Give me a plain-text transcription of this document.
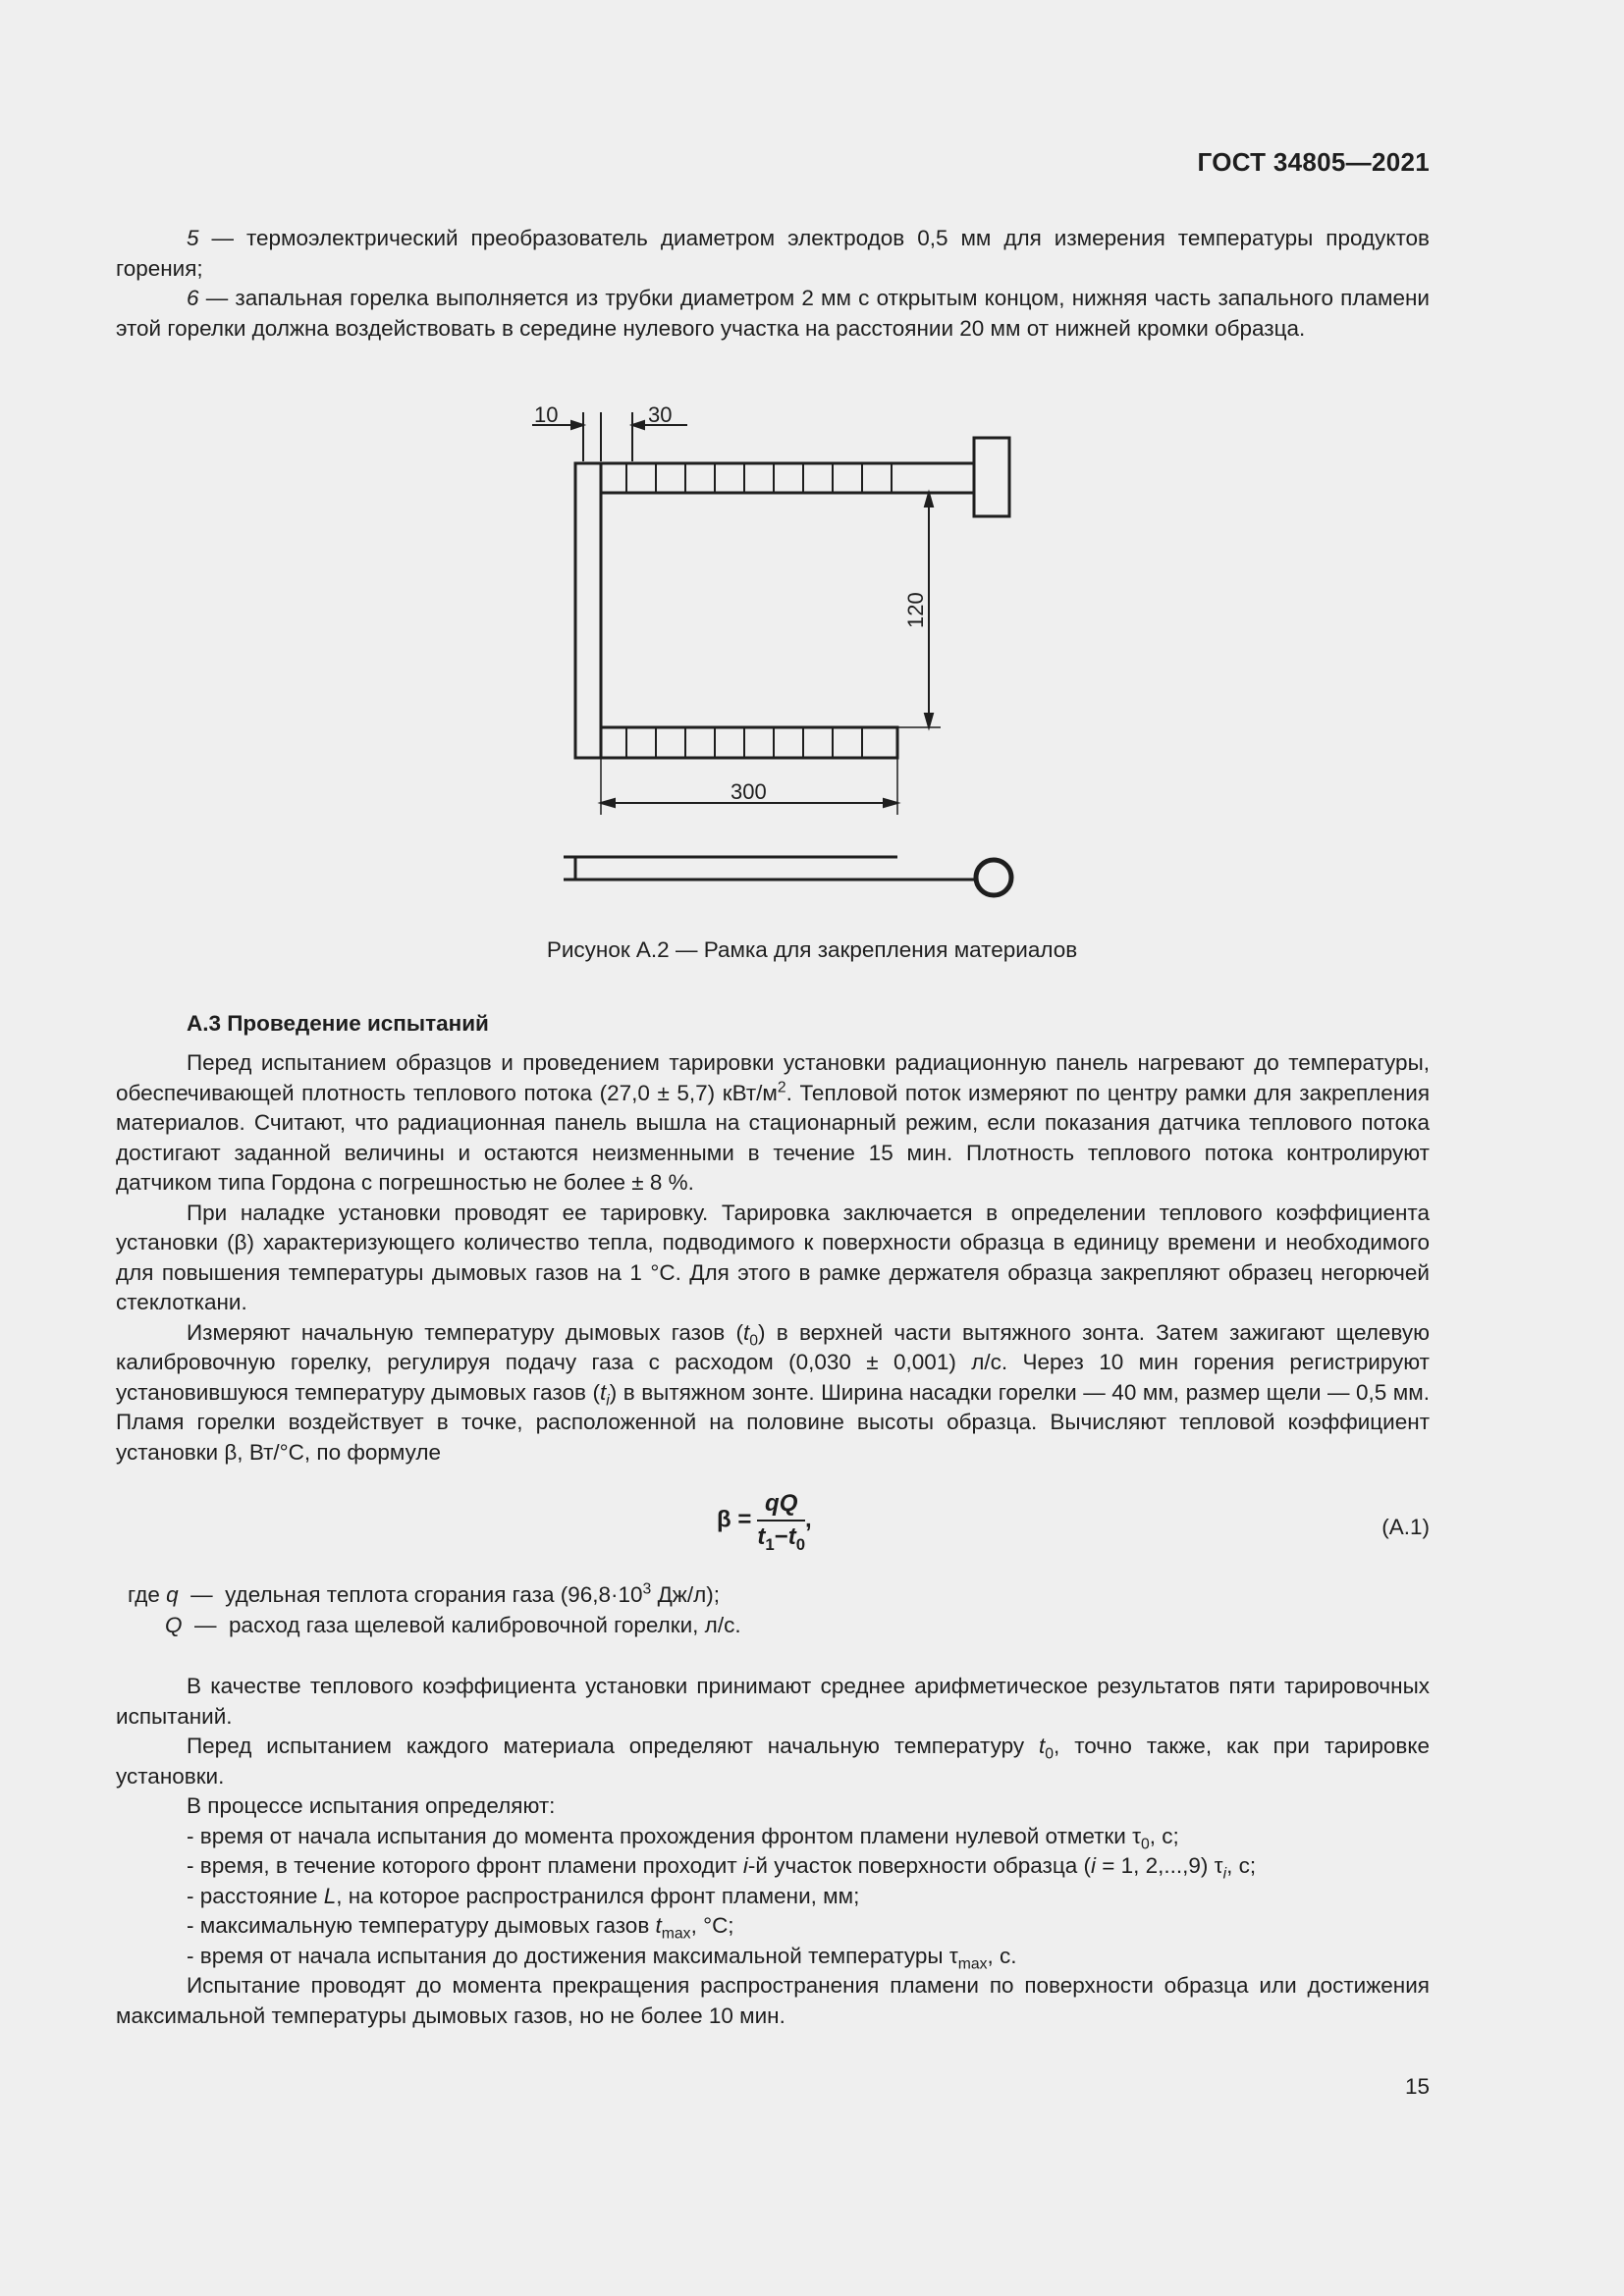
ГОСТ 34805—2021

5 — термоэлектрический преобразователь диаметром электродов 0,5 мм для измерения температуры продуктов горения;

6 — запальная горелка выполняется из трубки диаметром 2 мм с открытым концом, нижняя часть запального пламени этой горелки должна воздействовать в середине нулевого участка на расстоянии 20 мм от нижней кромки образца.

10	30
120
300
Рисунок А.2 — Рамка для закрепления материалов
А.3 Проведение испытаний

Перед испытанием образцов и проведением тарировки установки радиационную панель нагревают до температуры, обеспечивающей плотность теплового потока (27,0 ± 5,7) кВт/$м^2$. Тепловой поток измеряют по центру рамки для закрепления материалов. Считают, что радиационная панель вышла на стационарный режим, если показания датчика теплового потока достигают заданной величины и остаются неизменными в течение 15 мин. Плотность теплового потока контролируют датчиком типа Гордона с погрешностью не более ± 8 %.

При наладке установки проводят ее тарировку. Тарировка заключается в определении теплового коэффициента установки (β) характеризующего количество тепла, подводимого к поверхности образца в единицу времени и необходимого для повышения температуры дымовых газов на 1 °С. Для этого в рамке держателя образца закрепляют образец негорючей стеклоткани.

Измеряют начальную температуру дымовых газов $(t_0)$ в верхней части вытяжного зонта. Затем зажигают щелевую калибровочную горелку, регулируя подачу газа с расходом (0,030 ± 0,001) л/с. Через 10 мин горения регистрируют установившуюся температуру дымовых газов $(t_i)$ в вытяжном зонте. Ширина насадки горелки — 40 мм, размер щели — 0,5 мм. Пламя горелки воздействует в точке, расположенной на половине высоты образца. Вычисляют тепловой коэффициент установки β, Вт/°С, по формуле

$\beta = \frac{qQ}{t_1-t_0}$ ,	(А.1)
где q — удельная теплота сгорания газа ($96,8\cdot 10^3$ Дж/л);
Q — расход газа щелевой калибровочной горелки, л/с.

В качестве теплового коэффициента установки принимают среднее арифметическое результатов пяти тарировочных испытаний.

Перед испытанием каждого материала определяют начальную температуру $t_0$, точно также, как при тарировке установки.

В процессе испытания определяют:

- время от начала испытания до момента прохождения фронтом пламени нулевой отметки $\tau_0$, с;
- время, в течение которого фронт пламени проходит i-й участок поверхности образца (i = 1, 2,...,9) $\tau_i$, с;
- расстояние L, на которое распространился фронт пламени, мм;
- максимальную температуру дымовых газов $t_{max}$, °С;
- время от начала испытания до достижения максимальной температуры $\tau_{max}$, с.

Испытание проводят до момента прекращения распространения пламени по поверхности образца или достижения максимальной температуры дымовых газов, но не более 10 мин.

15
